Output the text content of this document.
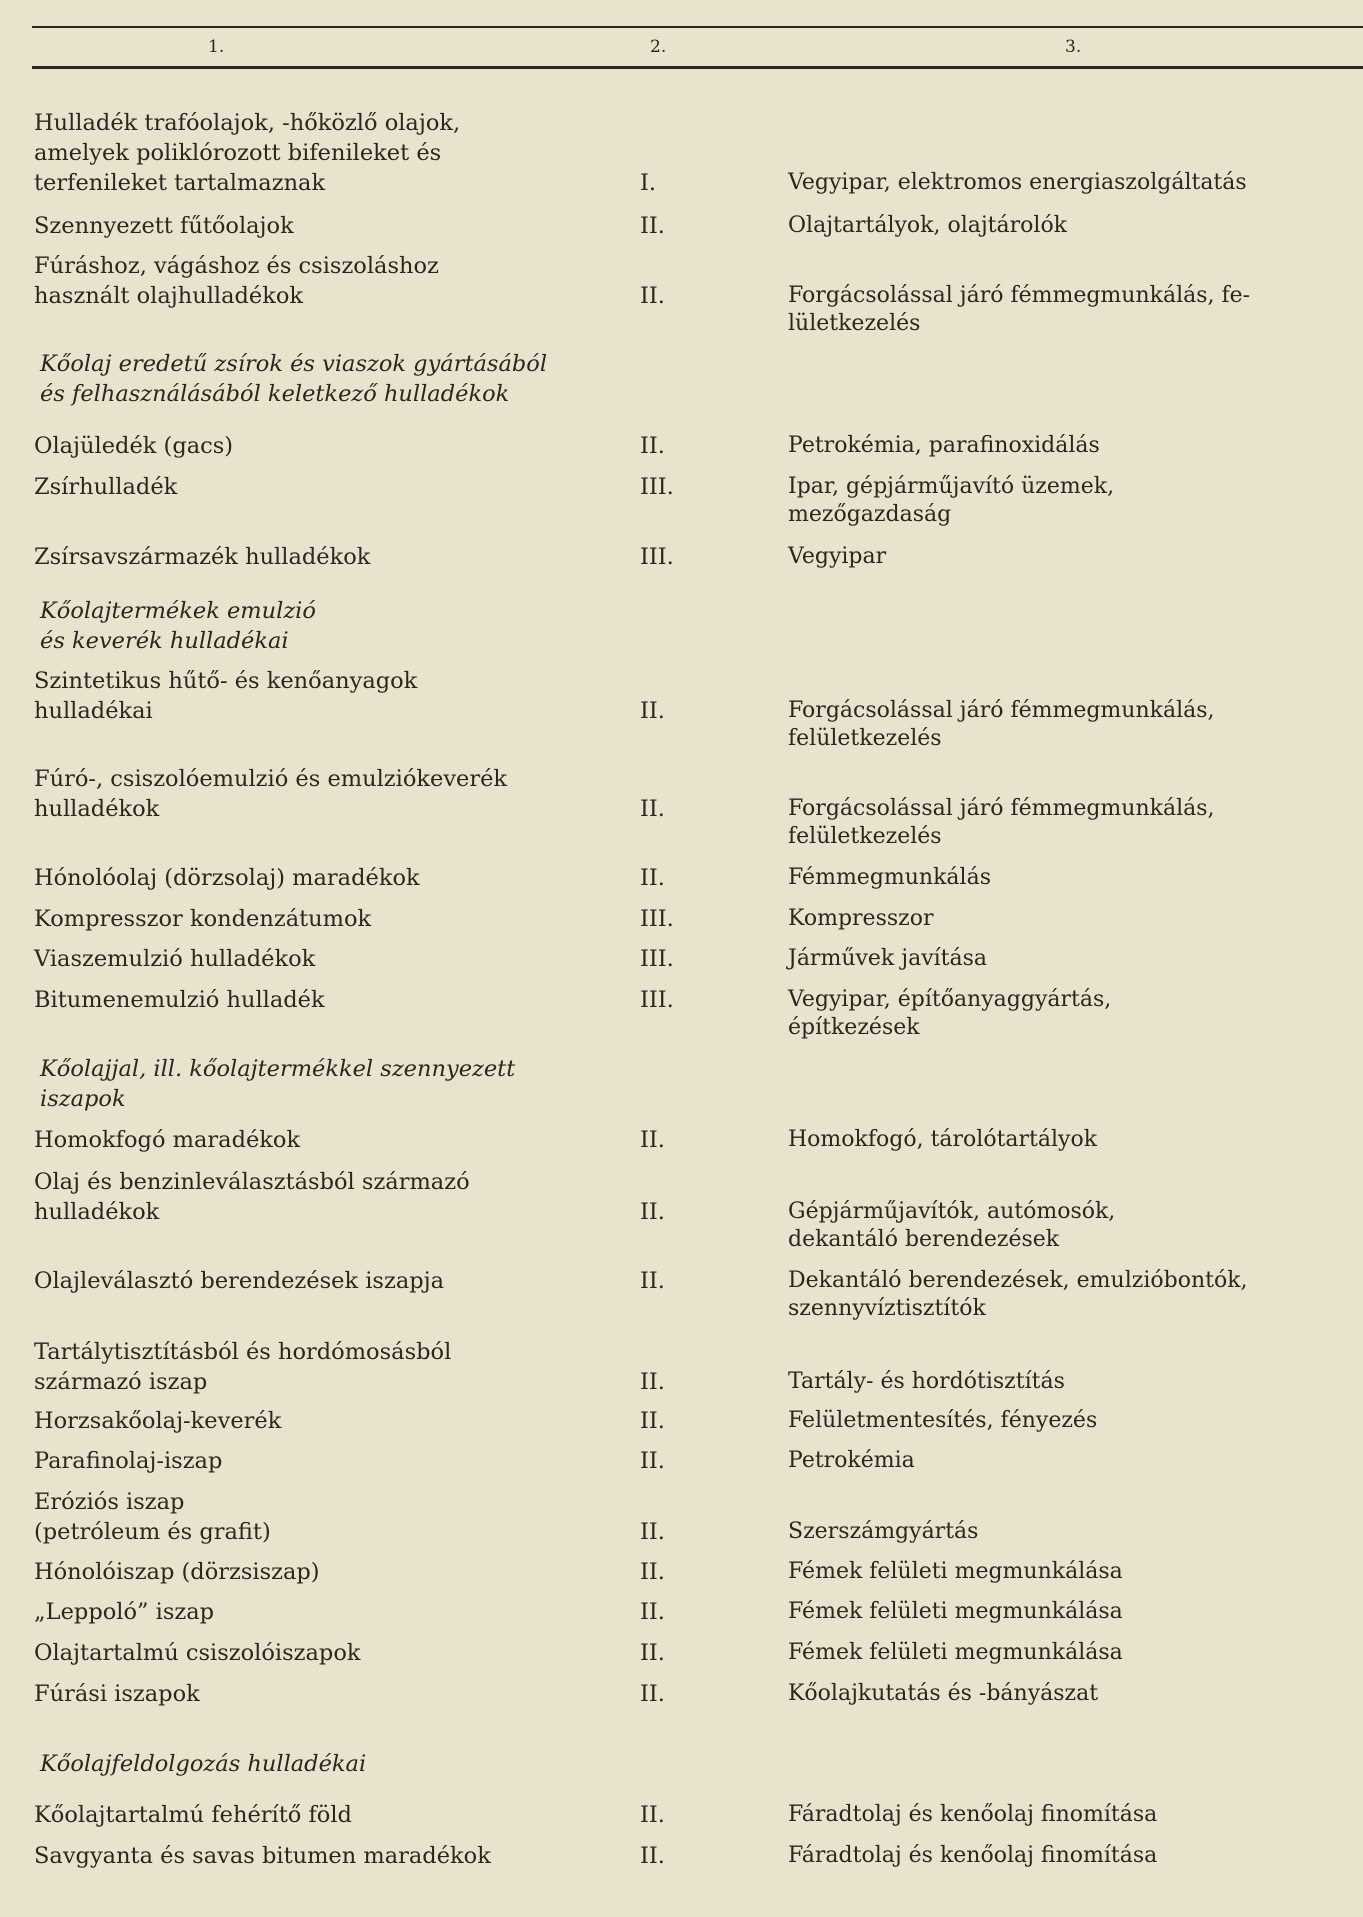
1.	2.	3.
Hulladék trafóolajok, -hőközlő olajok,
amelyek poliklórozott bifenileket és
terfenileket tartalmaznak	I.	Vegyipar, elektromos energiaszolgáltatás
Szennyezett fűtőolajok	II.	Olajtartályok, olajtárolók
Fúráshoz, vágáshoz és csiszoláshoz
használt olajhulladékok	II.	Forgácsolással járó fémmegmunkálás, fe-
lületkezelés
Kőolaj eredetű zsírok és viaszok gyártásából
és felhasználásából keletkező hulladékok
Olajüledék (gacs)	II.	Petrokémia, parafinoxidálás
Zsírhulladék	III.	Ipar, gépjárműjavító üzemek,
mezőgazdaság
Zsírsavszármazék hulladékok	III.	Vegyipar
Kőolajtermékek emulzió
és keverék hulladékai
Szintetikus hűtő- és kenőanyagok
hulladékai	II.	Forgácsolással járó fémmegmunkálás,
felületkezelés
Fúró-, csiszolóemulzió és emulziókeverék
hulladékok	II.	Forgácsolással járó fémmegmunkálás,
felületkezelés
Hónolóolaj (dörzsolaj) maradékok	II.	Fémmegmunkálás
Kompresszor kondenzátumok	III.	Kompresszor
Viaszemulzió hulladékok	III.	Járművek javítása
Bitumenemulzió hulladék	III.	Vegyipar, építőanyaggyártás,
építkezések
Kőolajjal, ill. kőolajtermékkel szennyezett
iszapok
Homokfogó maradékok	II.	Homokfogó, tárolótartályok
Olaj és benzinleválasztásból származó
hulladékok	II.	Gépjárműjavítók, autómosók,
dekantáló berendezések
Olajleválasztó berendezések iszapja	II.	Dekantáló berendezések, emulzióbontók,
szennyvíztisztítók
Tartálytisztításból és hordómosásból
származó iszap	II.	Tartály- és hordótisztítás
Horzsakőolaj-keverék	II.	Felületmentesítés, fényezés
Parafinolaj-iszap	II.	Petrokémia
Eróziós iszap
(petróleum és grafit)	II.	Szerszámgyártás
Hónolóiszap (dörzsiszap)	II.	Fémek felületi megmunkálása
„Leppoló” iszap	II.	Fémek felületi megmunkálása
Olajtartalmú csiszolóiszapok	II.	Fémek felületi megmunkálása
Fúrási iszapok	II.	Kőolajkutatás és -bányászat
Kőolajfeldolgozás hulladékai
Kőolajtartalmú fehérítő föld	II.	Fáradtolaj és kenőolaj finomítása
Savgyanta és savas bitumen maradékok	II.	Fáradtolaj és kenőolaj finomítása
